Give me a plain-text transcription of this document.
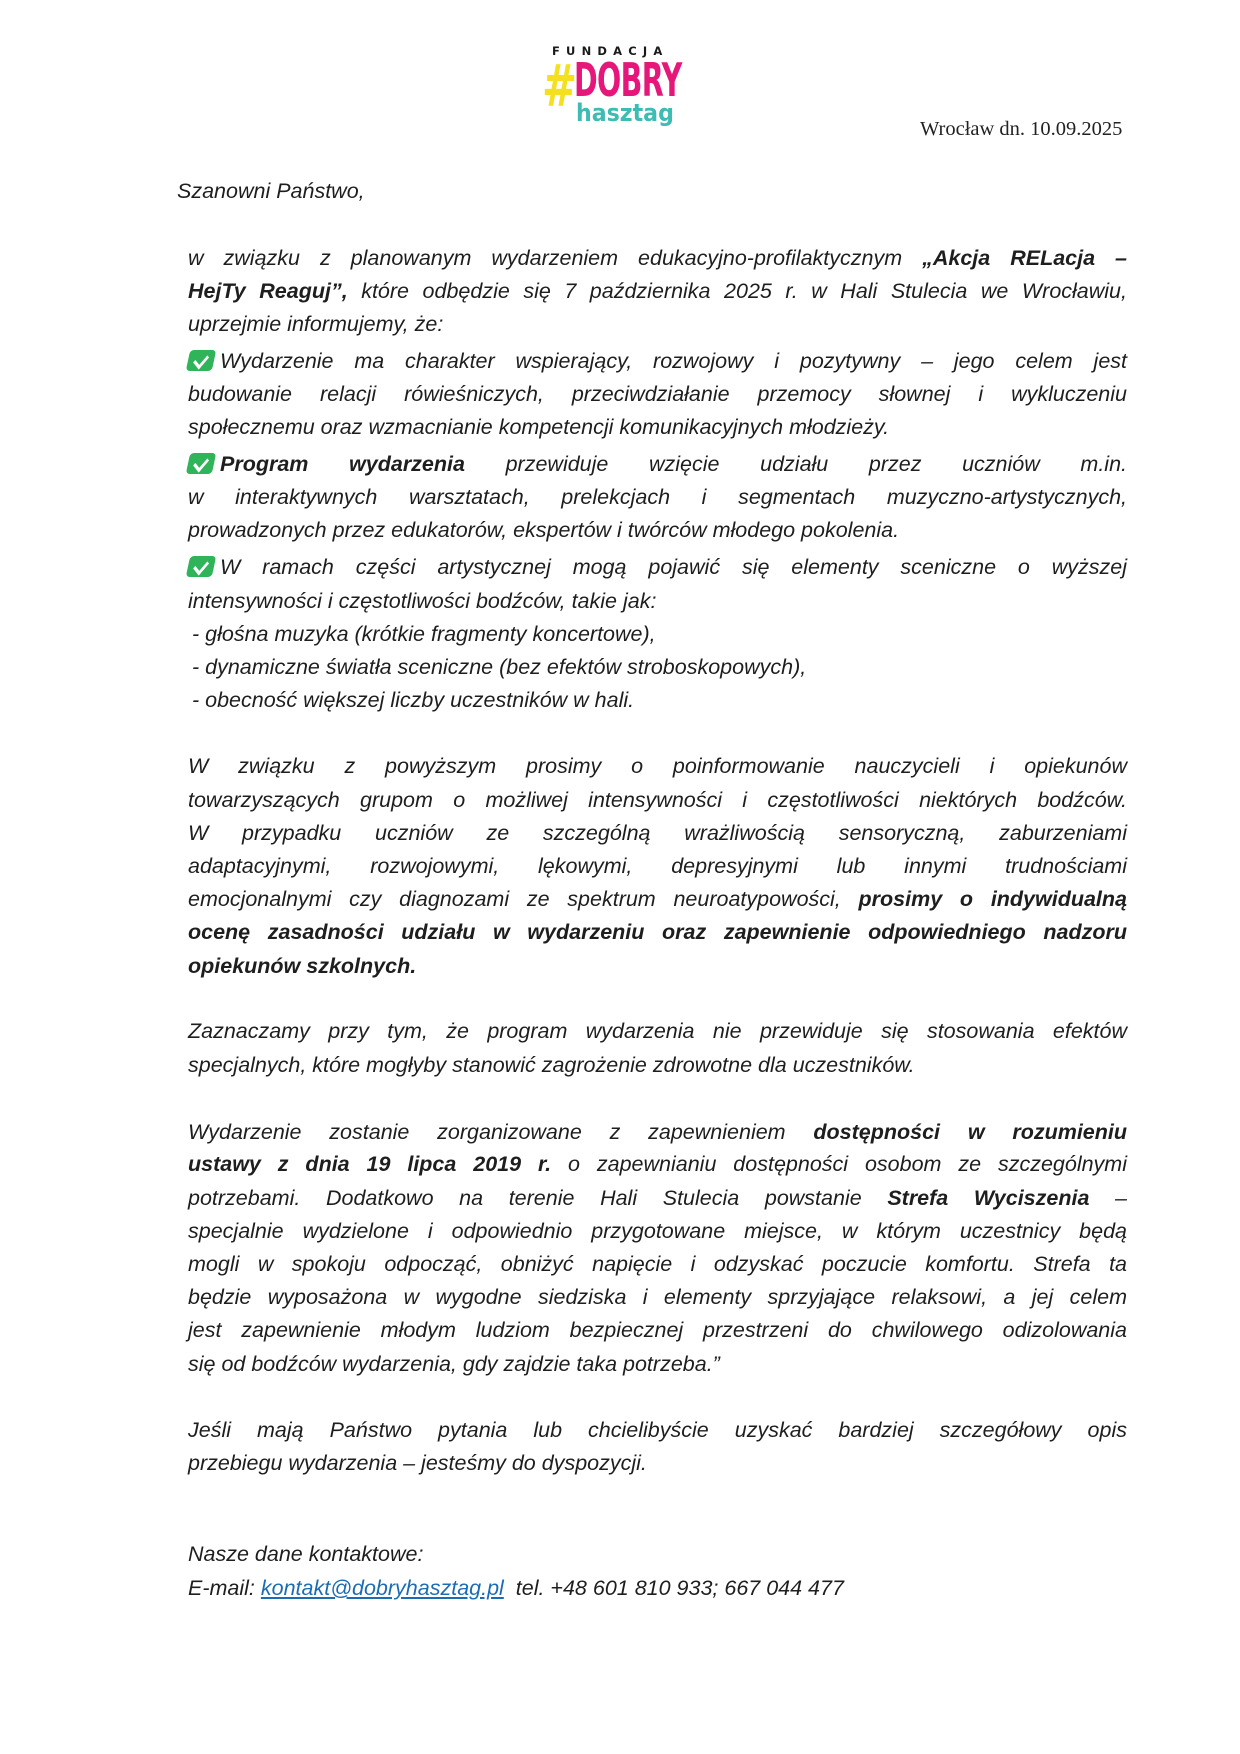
FUNDACJA
#
DOBRY
hasztag
Wrocław dn. 10.09.2025
Szanowni Państwo,
w związku z planowanym wydarzeniem edukacyjno-profilaktycznym „Akcja RELacja –
HejTy Reaguj”, które odbędzie się 7 października 2025 r. w Hali Stulecia we Wrocławiu,
uprzejmie informujemy, że:
Wydarzenie ma charakter wspierający, rozwojowy i pozytywny – jego celem jest
budowanie relacji rówieśniczych, przeciwdziałanie przemocy słownej i wykluczeniu
społecznemu oraz wzmacnianie kompetencji komunikacyjnych młodzieży.
Program wydarzenia przewiduje wzięcie udziału przez uczniów m.in.
w interaktywnych warsztatach, prelekcjach i segmentach muzyczno-artystycznych,
prowadzonych przez edukatorów, ekspertów i twórców młodego pokolenia.
W ramach części artystycznej mogą pojawić się elementy sceniczne o wyższej
intensywności i częstotliwości bodźców, takie jak:
- głośna muzyka (krótkie fragmenty koncertowe),
- dynamiczne światła sceniczne (bez efektów stroboskopowych),
- obecność większej liczby uczestników w hali.
W związku z powyższym prosimy o poinformowanie nauczycieli i opiekunów
towarzyszących grupom o możliwej intensywności i częstotliwości niektórych bodźców.
W przypadku uczniów ze szczególną wrażliwością sensoryczną, zaburzeniami
adaptacyjnymi, rozwojowymi, lękowymi, depresyjnymi lub innymi trudnościami
emocjonalnymi czy diagnozami ze spektrum neuroatypowości, prosimy o indywidualną
ocenę zasadności udziału w wydarzeniu oraz zapewnienie odpowiedniego nadzoru
opiekunów szkolnych.
Zaznaczamy przy tym, że program wydarzenia nie przewiduje się stosowania efektów
specjalnych, które mogłyby stanowić zagrożenie zdrowotne dla uczestników.
Wydarzenie zostanie zorganizowane z zapewnieniem dostępności w rozumieniu
ustawy z dnia 19 lipca 2019 r. o zapewnianiu dostępności osobom ze szczególnymi
potrzebami. Dodatkowo na terenie Hali Stulecia powstanie Strefa Wyciszenia –
specjalnie wydzielone i odpowiednio przygotowane miejsce, w którym uczestnicy będą
mogli w spokoju odpocząć, obniżyć napięcie i odzyskać poczucie komfortu. Strefa ta
będzie wyposażona w wygodne siedziska i elementy sprzyjające relaksowi, a jej celem
jest zapewnienie młodym ludziom bezpiecznej przestrzeni do chwilowego odizolowania
się od bodźców wydarzenia, gdy zajdzie taka potrzeba.”
Jeśli mają Państwo pytania lub chcielibyście uzyskać bardziej szczegółowy opis
przebiegu wydarzenia – jesteśmy do dyspozycji.
Nasze dane kontaktowe:
E-mail: kontakt@dobryhasztag.pl  tel. +48 601 810 933; 667 044 477
